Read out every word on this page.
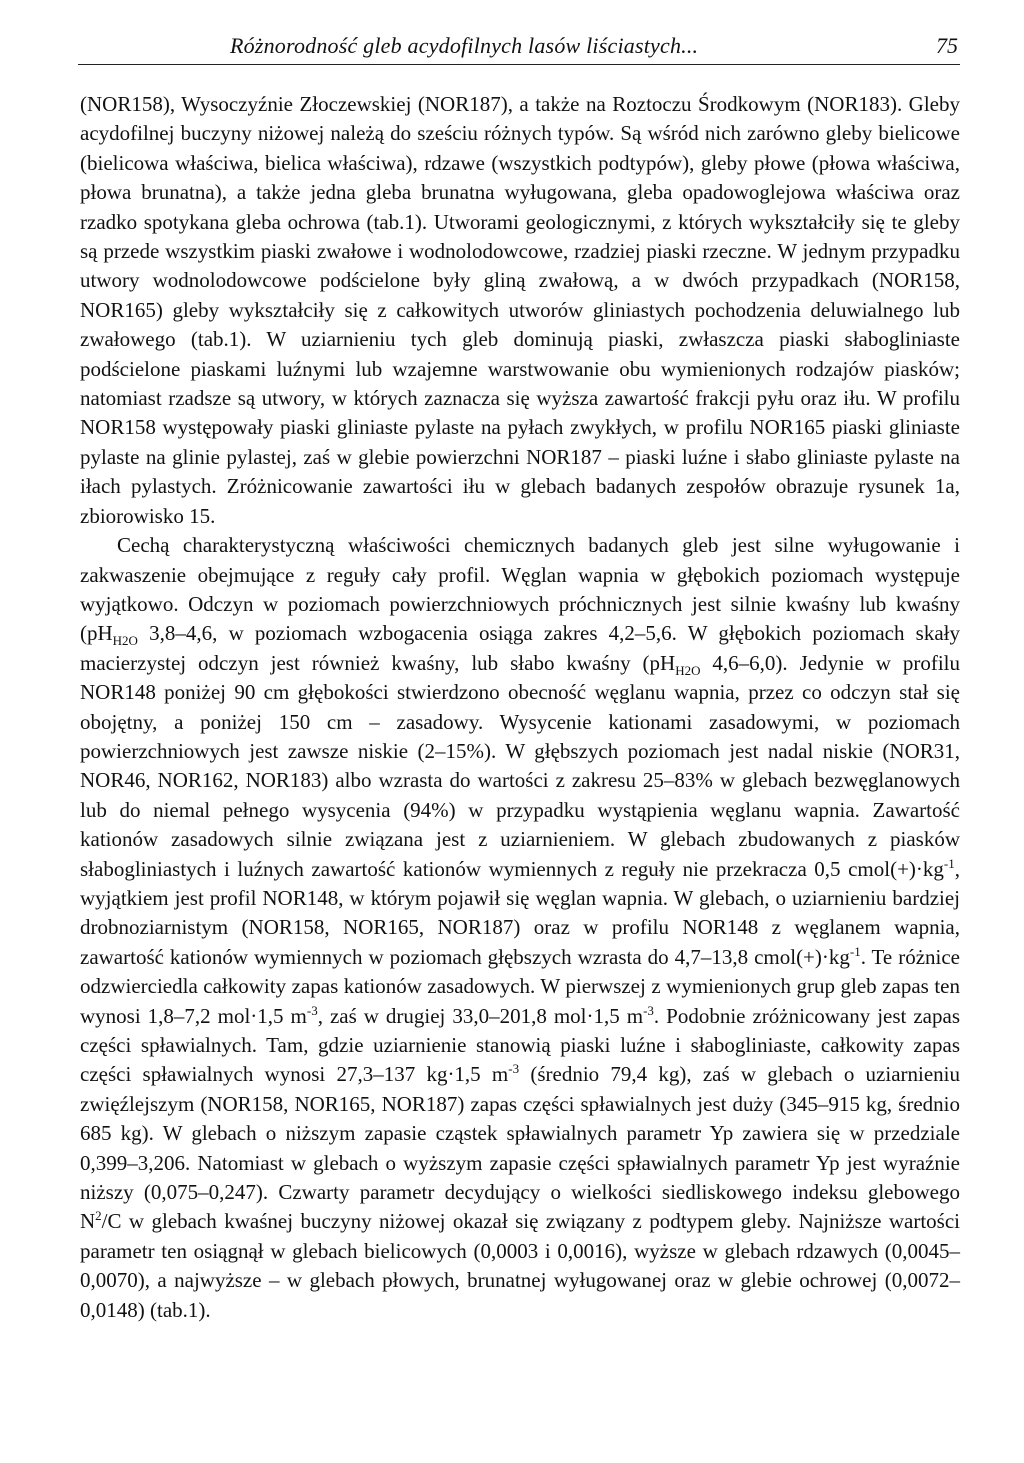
Różnorodność gleb acydofilnych lasów liściastych...	75

(NOR158), Wysoczyźnie Złoczewskiej (NOR187), a także na Roztoczu Środkowym (NOR183). Gleby acydofilnej buczyny niżowej należą do sześciu różnych typów. Są wśród nich zarówno gleby bielicowe (bielicowa właściwa, bielica właściwa), rdzawe (wszystkich podtypów), gleby płowe (płowa właściwa, płowa brunatna), a także jedna gleba brunatna wyługowana, gleba opadowoglejowa właściwa oraz rzadko spotykana gleba ochrowa (tab.1). Utworami geologicznymi, z których wykształciły się te gleby są przede wszystkim piaski zwałowe i wodnolodowcowe, rzadziej piaski rzeczne. W jednym przypadku utwory wodnolodowcowe podścielone były gliną zwałową, a w dwóch przypadkach (NOR158, NOR165) gleby wykształciły się z całkowitych utworów gliniastych pochodzenia deluwialnego lub zwałowego (tab.1). W uziarnieniu tych gleb dominują piaski, zwłaszcza piaski słabogliniaste podścielone piaskami luźnymi lub wzajemne warstwowanie obu wymienionych rodzajów piasków; natomiast rzadsze są utwory, w których zaznacza się wyższa zawartość frakcji pyłu oraz iłu. W profilu NOR158 występowały piaski gliniaste pylaste na pyłach zwykłych, w profilu NOR165 piaski gliniaste pylaste na glinie pylastej, zaś w glebie powierzchni NOR187 – piaski luźne i słabo gliniaste pylaste na iłach pylastych. Zróżnicowanie zawartości iłu w glebach badanych zespołów obrazuje rysunek 1a, zbiorowisko 15.

Cechą charakterystyczną właściwości chemicznych badanych gleb jest silne wyługowanie i zakwaszenie obejmujące z reguły cały profil. Węglan wapnia w głębokich poziomach występuje wyjątkowo. Odczyn w poziomach powierzchniowych próchnicznych jest silnie kwaśny lub kwaśny ($pH_{H2O}$ 3,8–4,6, w poziomach wzbogacenia osiąga zakres 4,2–5,6. W głębokich poziomach skały macierzystej odczyn jest również kwaśny, lub słabo kwaśny ($pH_{H2O}$ 4,6–6,0). Jedynie w profilu NOR148 poniżej 90 cm głębokości stwierdzono obecność węglanu wapnia, przez co odczyn stał się obojętny, a poniżej 150 cm – zasadowy. Wysycenie kationami zasadowymi, w poziomach powierzchniowych jest zawsze niskie (2–15%). W głębszych poziomach jest nadal niskie (NOR31, NOR46, NOR162, NOR183) albo wzrasta do wartości z zakresu 25–83% w glebach bezwęglanowych lub do niemal pełnego wysycenia (94%) w przypadku wystąpienia węglanu wapnia. Zawartość kationów zasadowych silnie związana jest z uziarnieniem. W glebach zbudowanych z piasków słabogliniastych i luźnych zawartość kationów wymiennych z reguły nie przekracza 0,5 $cmol(+)\cdot kg^{-1}$, wyjątkiem jest profil NOR148, w którym pojawił się węglan wapnia. W glebach, o uziarnieniu bardziej drobnoziarnistym (NOR158, NOR165, NOR187) oraz w profilu NOR148 z węglanem wapnia, zawartość kationów wymiennych w poziomach głębszych wzrasta do 4,7–13,8 $cmol(+)\cdot kg^{-1}$. Te różnice odzwierciedla całkowity zapas kationów zasadowych. W pierwszej z wymienionych grup gleb zapas ten wynosi 1,8–7,2 mol·1,5 $m^{-3}$, zaś w drugiej 33,0–201,8 mol·1,5 $m^{-3}$. Podobnie zróżnicowany jest zapas części spławialnych. Tam, gdzie uziarnienie stanowią piaski luźne i słabogliniaste, całkowity zapas części spławialnych wynosi 27,3–137 kg·1,5 $m^{-3}$ (średnio 79,4 kg), zaś w glebach o uziarnieniu zwięźlejszym (NOR158, NOR165, NOR187) zapas części spławialnych jest duży (345–915 kg, średnio 685 kg). W glebach o niższym zapasie cząstek spławialnych parametr Yp zawiera się w przedziale 0,399–3,206. Natomiast w glebach o wyższym zapasie części spławialnych parametr Yp jest wyraźnie niższy (0,075–0,247). Czwarty parametr decydujący o wielkości siedliskowego indeksu glebowego $N^2/C$ w glebach kwaśnej buczyny niżowej okazał się związany z podtypem gleby. Najniższe wartości parametr ten osiągnął w glebach bielicowych (0,0003 i 0,0016), wyższe w glebach rdzawych (0,0045–0,0070), a najwyższe – w glebach płowych, brunatnej wyługowanej oraz w glebie ochrowej (0,0072–0,0148) (tab.1).
